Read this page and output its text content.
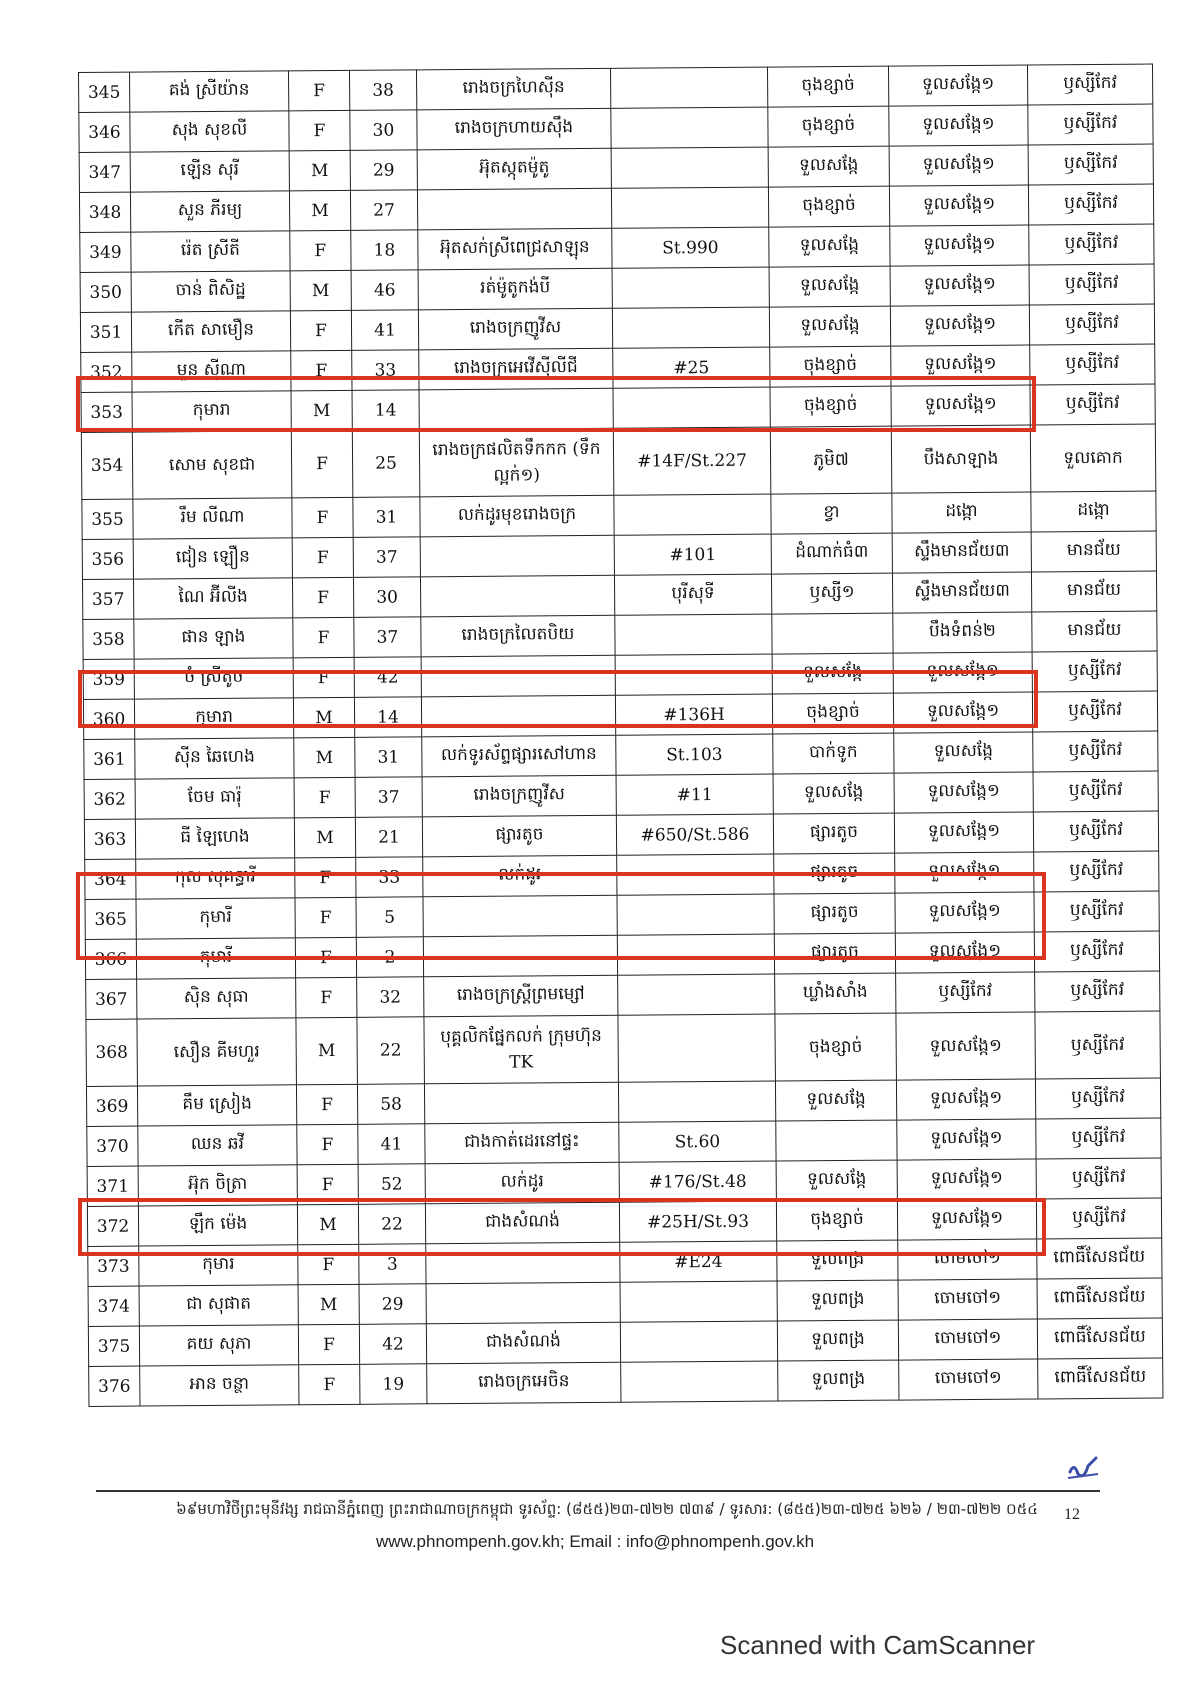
345	គង់ ស្រីយ៉ាន	F	38	រោងចក្រហៃស៊ីន		ចុងខ្សាច់	ទួលសង្កែ១	ឫស្សីកែវ
346	សុង សុខលី	F	30	រោងចក្រហាយស៊ឹង		ចុងខ្សាច់	ទួលសង្កែ១	ឫស្សីកែវ
347	ឡើន សុរី	M	29	អ៊ុតស្កុតម៉ូតូ		ទួលសង្កែ	ទួលសង្កែ១	ឫស្សីកែវ
348	សួន ភីរម្យ	M	27			ចុងខ្សាច់	ទួលសង្កែ១	ឫស្សីកែវ
349	រ៉េត ស្រីតី	F	18	អ៊ុតសក់ស្រីពេជ្រសាឡុន	St.990	ទួលសង្កែ	ទួលសង្កែ១	ឫស្សីកែវ
350	ចាន់ ពិសិដ្ឋ	M	46	រត់ម៉ូតូកង់បី		ទួលសង្កែ	ទួលសង្កែ១	ឫស្សីកែវ
351	កើត សាមឿន	F	41	រោងចក្រញូវីស		ទួលសង្កែ	ទួលសង្កែ១	ឫស្សីកែវ
352	មួន ស៊ីណា	F	33	រោងចក្រអេវើស៊ីលីជី	#25	ចុងខ្សាច់	ទួលសង្កែ១	ឫស្សីកែវ
353	កុមារា	M	14			ចុងខ្សាច់	ទួលសង្កែ១	ឫស្សីកែវ
354	សោម សុខជា	F	25	រោងចក្រផលិតទឹកកក (ទឹកល្អក់១)	#14F/St.227	ភូមិ៧	បឹងសាឡាង	ទួលគោក
355	រឹម លីណា	F	31	លក់ដូរមុខរោងចក្រ		ខ្វា	ដង្កោ	ដង្កោ
356	ជៀន ឡឿន	F	37		#101	ដំណាក់ធំ៣	ស្ទឹងមានជ័យ៣	មានជ័យ
357	ណៃ អ៊ីលីង	F	30		បុរីសុទី	ឫស្សី១	ស្ទឹងមានជ័យ៣	មានជ័យ
358	ផាន ឡាង	F	37	រោងចក្រលៃតបិយ			បឹងទំពន់២	មានជ័យ
359	ចំ ស្រីតូច	F	42			ទួលសង្កែ	ទួលសង្កែ១	ឫស្សីកែវ
360	កុមារា	M	14		#136H	ចុងខ្សាច់	ទួលសង្កែ១	ឫស្សីកែវ
361	ស៊ីន ឆៃហេង	M	31	លក់ទូរស័ព្ទផ្សារសៅហាន	St.103	បាក់ទូក	ទួលសង្កែ	ឫស្សីកែវ
362	ចែម ធារ៉ុ	F	37	រោងចក្រញូវីស	#11	ទួលសង្កែ	ទួលសង្កែ១	ឫស្សីកែវ
363	ធី ឡៃហេង	M	21	ផ្សារតូច	#650/St.586	ផ្សារតូច	ទួលសង្កែ១	ឫស្សីកែវ
364	កុល សុគន្ធារី	F	33	លក់ដូរ		ផ្សារតូច	ទួលសង្កែ១	ឫស្សីកែវ
365	កុមារី	F	5			ផ្សារតូច	ទួលសង្កែ១	ឫស្សីកែវ
366	កុមារី	F	2			ផ្សារតូច	ទួលសង្កែ១	ឫស្សីកែវ
367	ស៊ិន សុធា	F	32	រោងចក្រស្ត្រីព្រមម្សៅ		ឃ្លាំងសាំង	ឫស្សីកែវ	ឫស្សីកែវ
368	សឿន គីមហួរ	M	22	បុគ្គលិកផ្នែកលក់ ក្រុមហ៊ុន TK		ចុងខ្សាច់	ទួលសង្កែ១	ឫស្សីកែវ
369	គឹម ស្រៀង	F	58			ទួលសង្កែ	ទួលសង្កែ១	ឫស្សីកែវ
370	ឈន ឆវី	F	41	ជាងកាត់ដេរនៅផ្ទះ	St.60		ទួលសង្កែ១	ឫស្សីកែវ
371	អ៊ុក ចិត្រា	F	52	លក់ដូរ	#176/St.48	ទួលសង្កែ	ទួលសង្កែ១	ឫស្សីកែវ
372	ឡឹក ម៉េង	M	22	ជាងសំណង់	#25H/St.93	ចុងខ្សាច់	ទួលសង្កែ១	ឫស្សីកែវ
373	កុមារី	F	3		#E24	ទួលពង្រ	ចោមចៅ១	ពោធិ៍សែនជ័យ
374	ជា សុផាត	M	29			ទួលពង្រ	ចោមចៅ១	ពោធិ៍សែនជ័យ
375	គយ សុភា	F	42	ជាងសំណង់		ទួលពង្រ	ចោមចៅ១	ពោធិ៍សែនជ័យ
376	អាន ចន្ថា	F	19	រោងចក្រអេចិន		ទួលពង្រ	ចោមចៅ១	ពោធិ៍សែនជ័យ
៦៩មហាវិថីព្រះមុនីវង្ស រាជធានីភ្នំពេញ ព្រះរាជាណាចក្រកម្ពុជា ទូរស័ព្ទ: (៨៥៥)២៣-៧២២ ៧៣៩ / ទូរសារ: (៨៥៥)២៣-៧២៥ ៦២៦ / ២៣-៧២២ ០៥៤	12
www.phnompenh.gov.kh; Email : info@phnompenh.gov.kh
Scanned with CamScanner
